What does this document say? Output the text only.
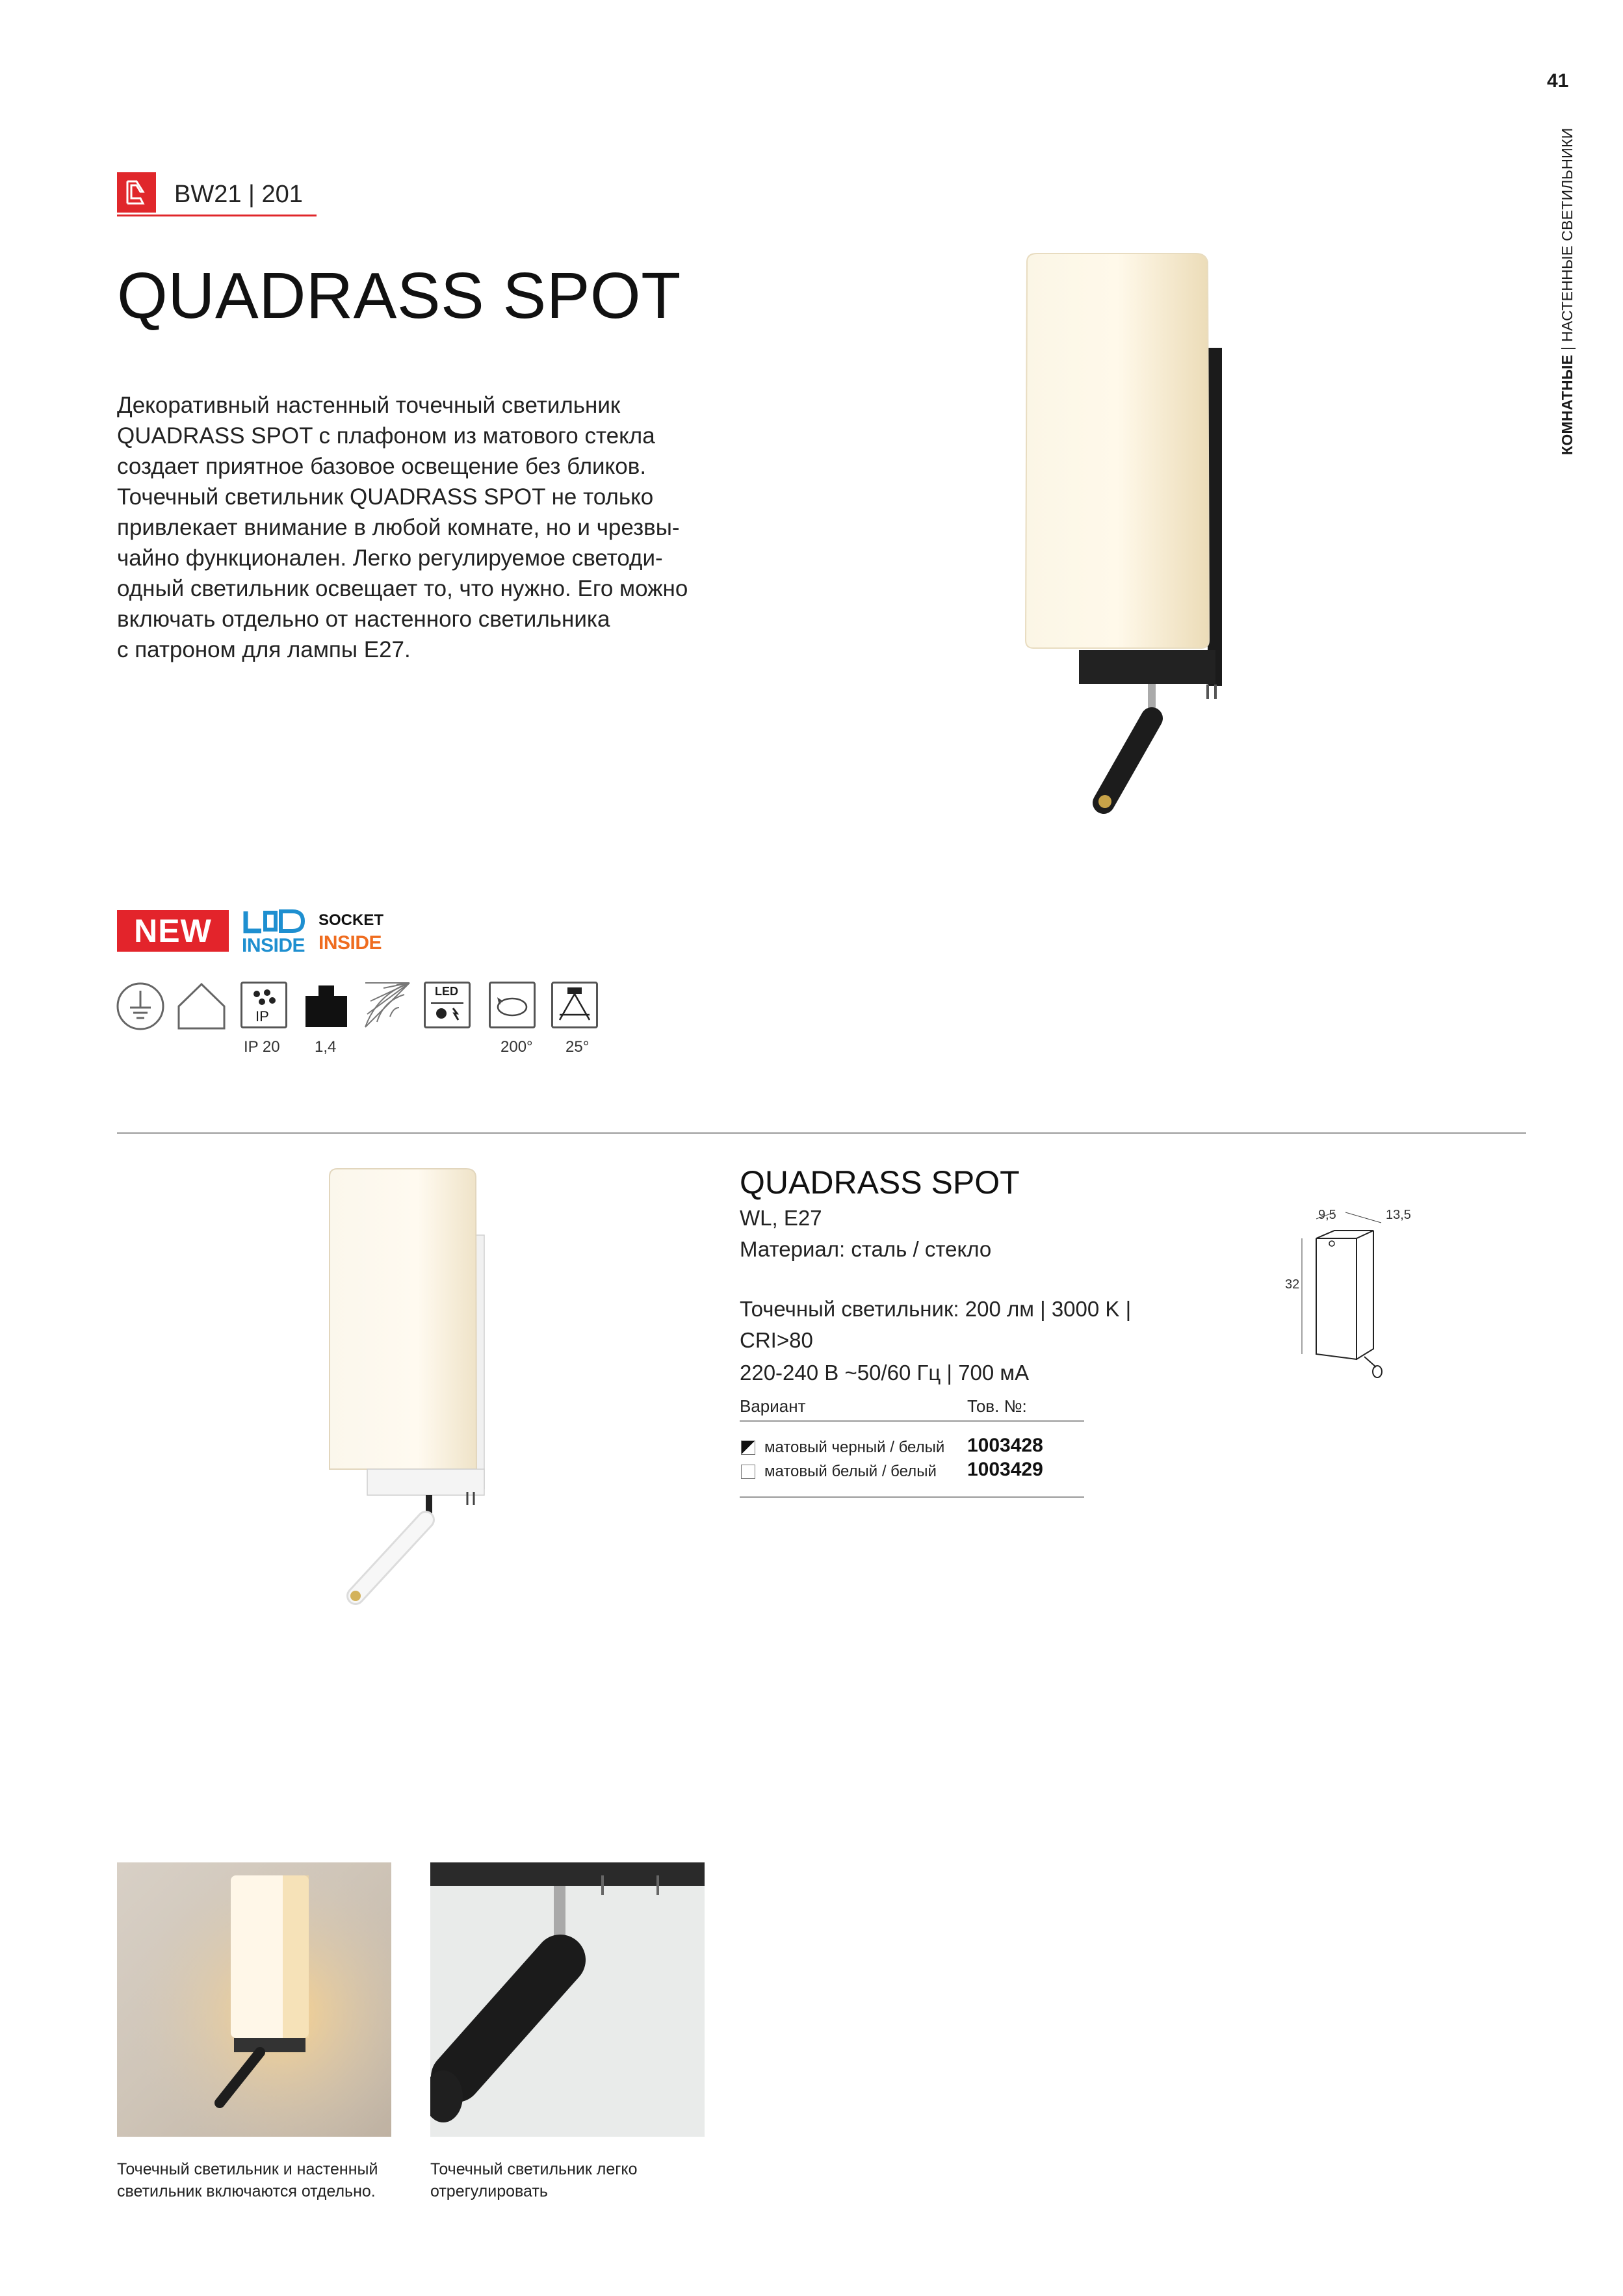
41
КОМНАТНЫЕ | НАСТЕННЫЕ СВЕТИЛЬНИКИ
BW21 | 201
QUADRASS SPOT
Декоративный настенный точечный светильник
QUADRASS SPOT с плафоном из матового стекла
создает приятное базовое освещение без бликов.
Точечный светильник QUADRASS SPOT не только
привлекает внимание в любой комнате, но и чрезвы-
чайно функционален. Легко регулируемое светоди-
одный светильник освещает то, что нужно. Его можно
включать отдельно от настенного светильника
с патроном для лампы E27.
NEW	INSIDE
SOCKET
INSIDE
IP
IP 20 1,4
LED
200° 25°
QUADRASS SPOT
WL, E27
Материал: сталь / стекло
Точечный светильник: 200 лм | 3000 K |
CRI>80
220-240 В ~50/60 Гц | 700 мА
Вариант	Тов. №:
матовый черный / белый 1003428
матовый белый / белый 1003429
9,5	13,5
32
Точечный светильник и настенный
светильник включаются отдельно.
Точечный светильник легко
отрегулировать
